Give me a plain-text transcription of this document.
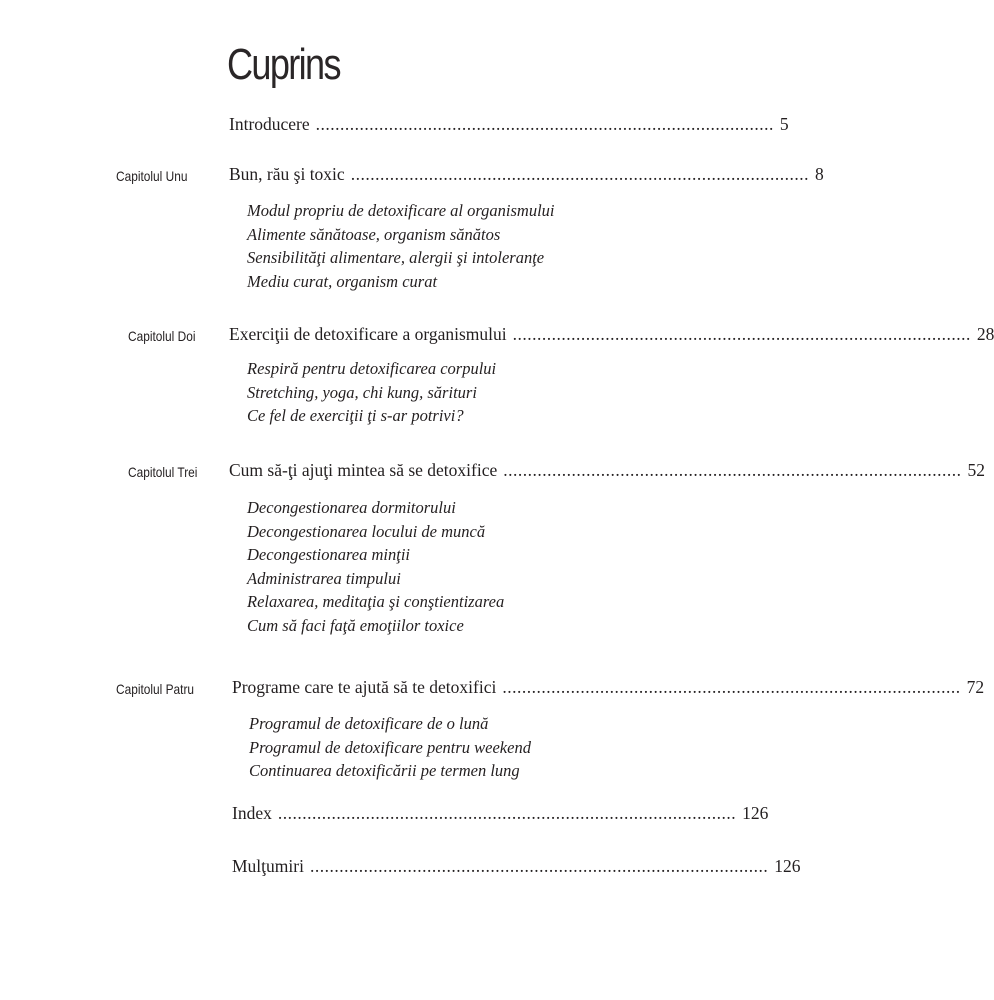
Cuprins
Introducere .............................................................................................. 5
Capitolul Unu Bun, rău şi toxic .............................................................................................. 8
Modul propriu de detoxificare al organismului
Alimente sănătoase, organism sănătos
Sensibilităţi alimentare, alergii şi intoleranţe
Mediu curat, organism curat
Capitolul Doi Exerciţii de detoxificare a organismului .............................................................................................. 28
Respiră pentru detoxificarea corpului
Stretching, yoga, chi kung, sărituri
Ce fel de exerciţii ţi s-ar potrivi?
Capitolul Trei Cum să-ţi ajuţi mintea să se detoxifice .............................................................................................. 52
Decongestionarea dormitorului
Decongestionarea locului de muncă
Decongestionarea minţii
Administrarea timpului
Relaxarea, meditaţia şi conştientizarea
Cum să faci faţă emoţiilor toxice
Capitolul Patru Programe care te ajută să te detoxifici .............................................................................................. 72
Programul de detoxificare de o lună
Programul de detoxificare pentru weekend
Continuarea detoxificării pe termen lung
Index .............................................................................................. 126
Mulţumiri .............................................................................................. 126
